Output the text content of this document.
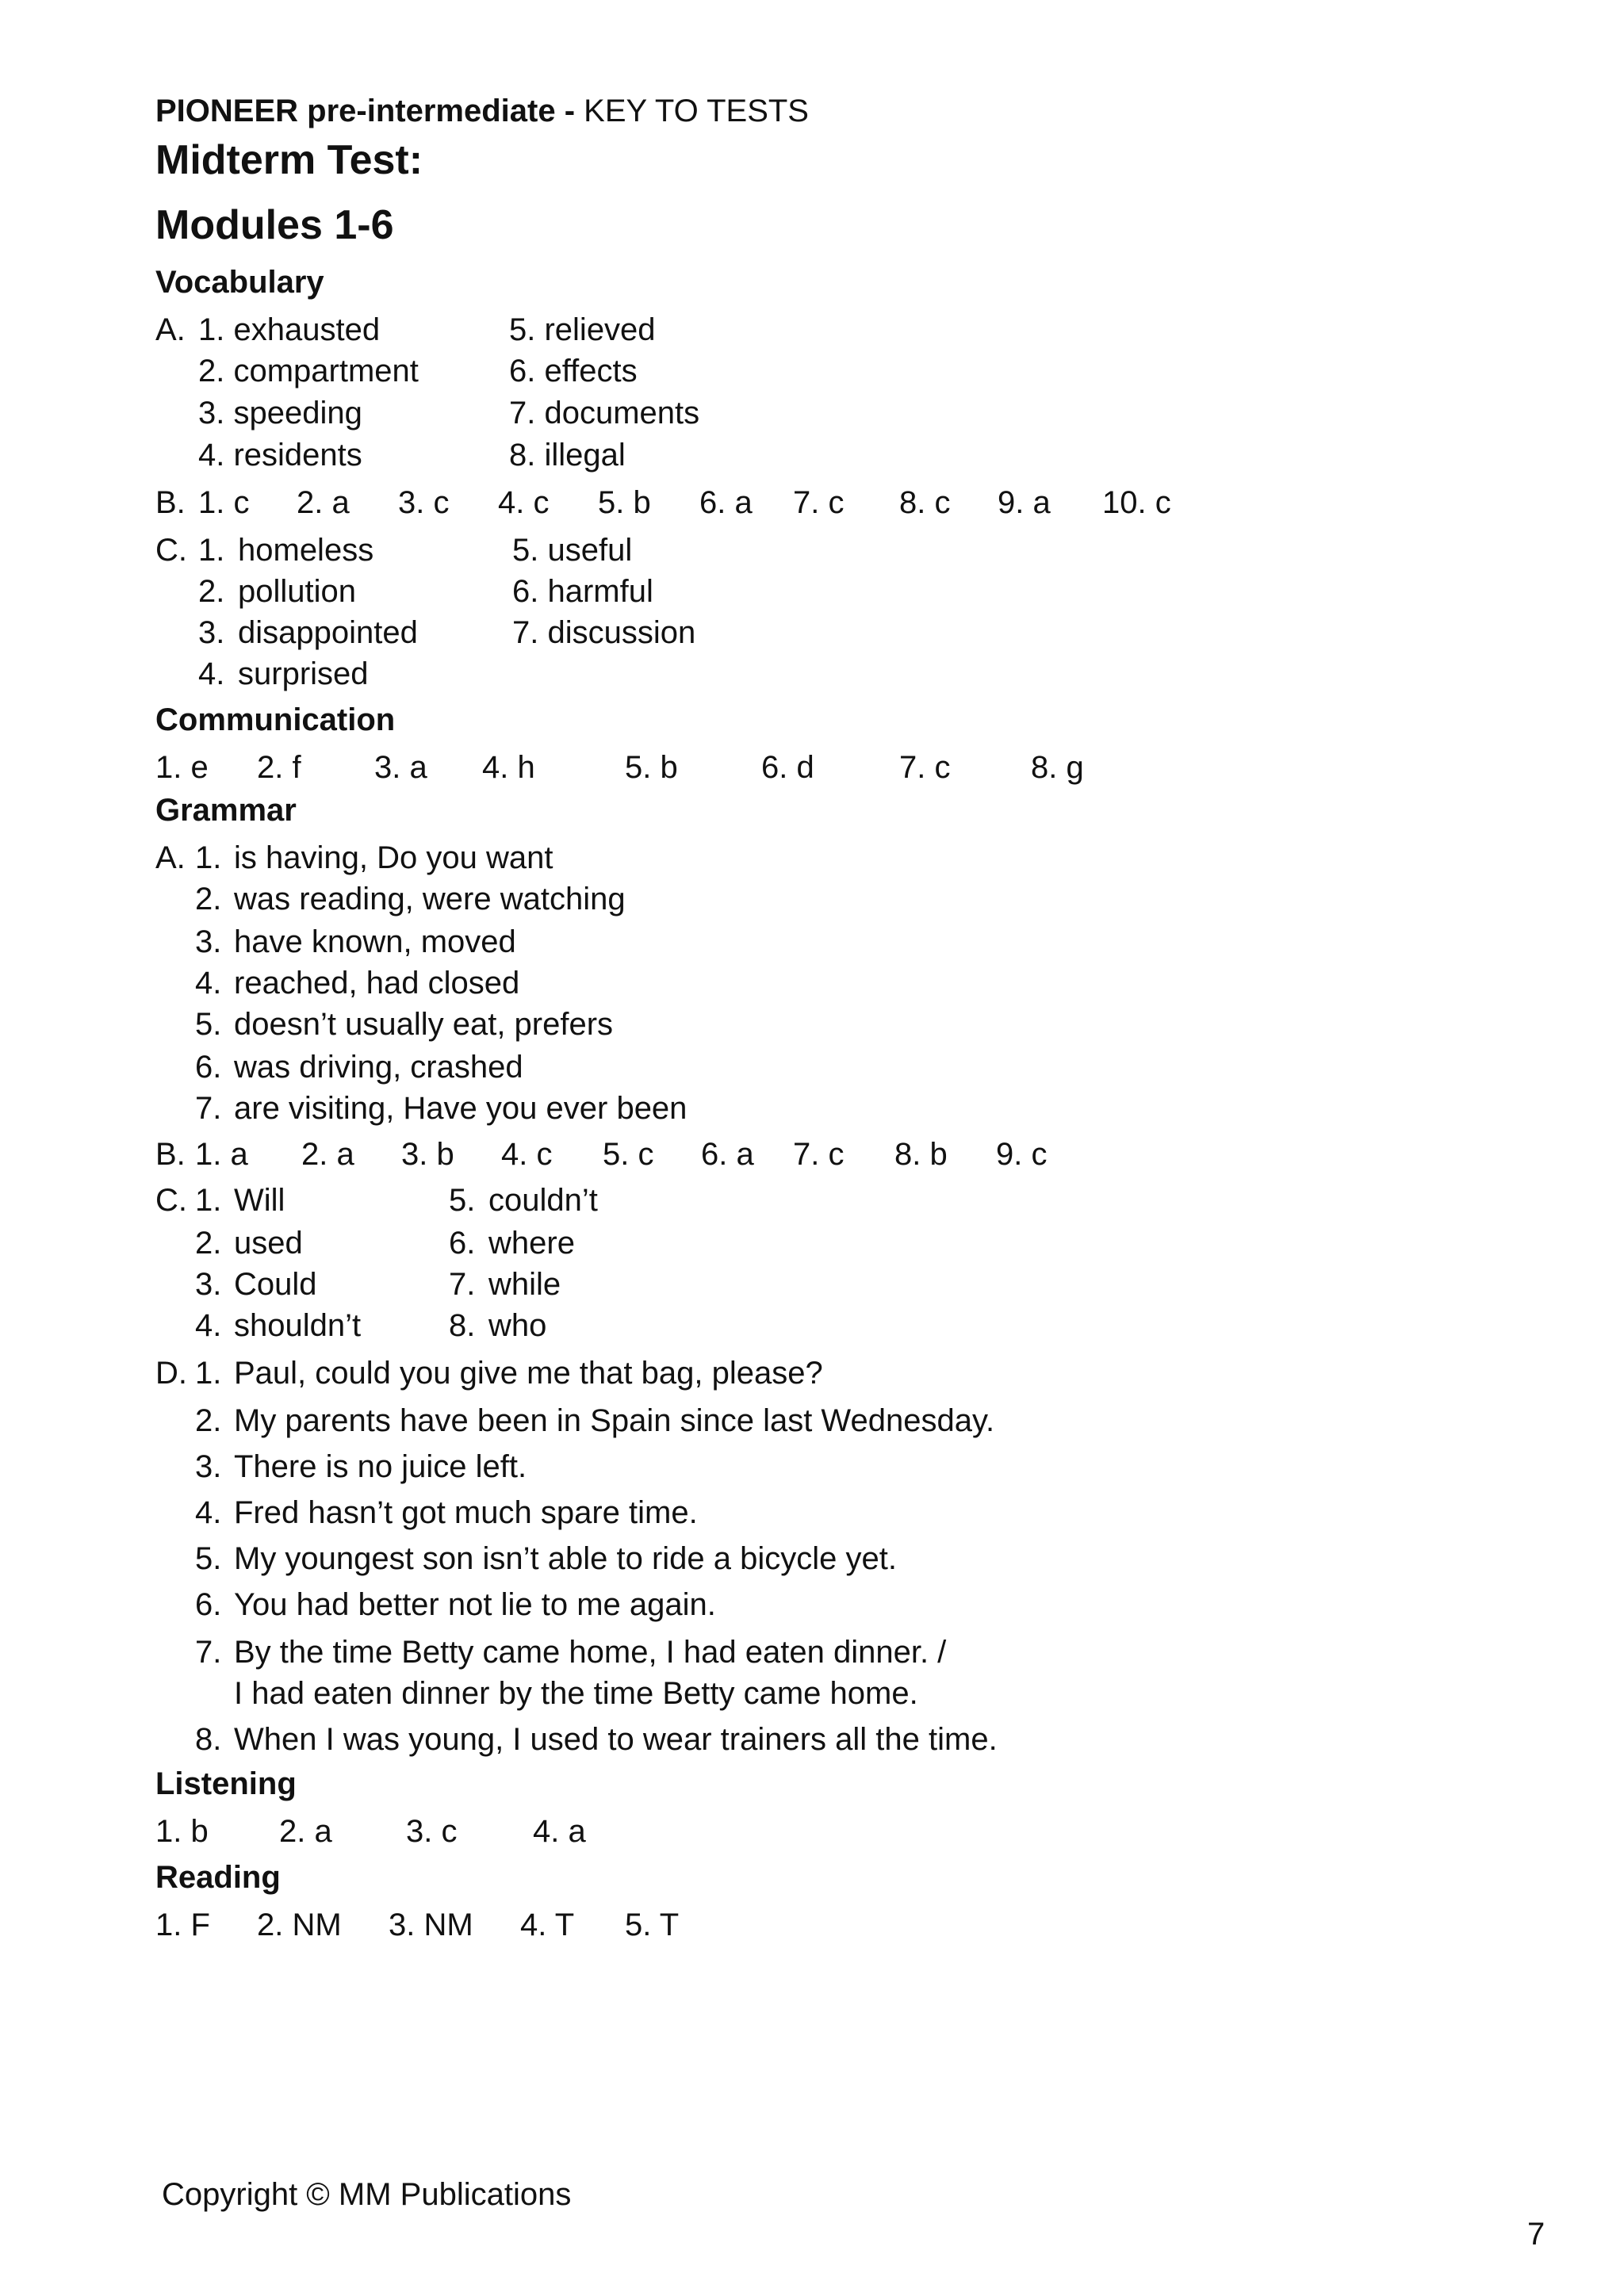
PIONEER pre-intermediate - KEY TO TESTS
Midterm Test:
Modules 1-6
Vocabulary
A. 1. exhausted
2. compartment
3. speeding
4. residents
5. relieved
6. effects
7. documents
8. illegal
B. 1. c 2. a 3. c 4. c 5. b 6. a 7. c 8. c 9. a 10. c
C. 1. homeless
2. pollution
3. disappointed
4. surprised
5. useful
6. harmful
7. discussion
Communication
1. e 2. f 3. a 4. h	5. b	6. d	7. c	8. g
Grammar
A. 1. is having, Do you want
2. was reading, were watching
3. have known, moved
4. reached, had closed
5. doesn’t usually eat, prefers
6. was driving, crashed
7. are visiting, Have you ever been
B. 1. a 2. a 3. b 4. c 5. c 6. a 7. c 8. b 9. c
C. 1. Will
2. used
3. Could
4. shouldn’t
5. couldn’t
6. where
7. while
8. who
D. 1. Paul, could you give me that bag, please?
2. My parents have been in Spain since last Wednesday.
3. There is no juice left.
4. Fred hasn’t got much spare time.
5. My youngest son isn’t able to ride a bicycle yet.
6. You had better not lie to me again.
7. By the time Betty came home, I had eaten dinner. /
I had eaten dinner by the time Betty came home.
8. When I was young, I used to wear trainers all the time.
Listening
1. b 2. a 3. c 4. a
Reading
1. F 2. NM 3. NM 4. T 5. T
Copyright © MM Publications
7
